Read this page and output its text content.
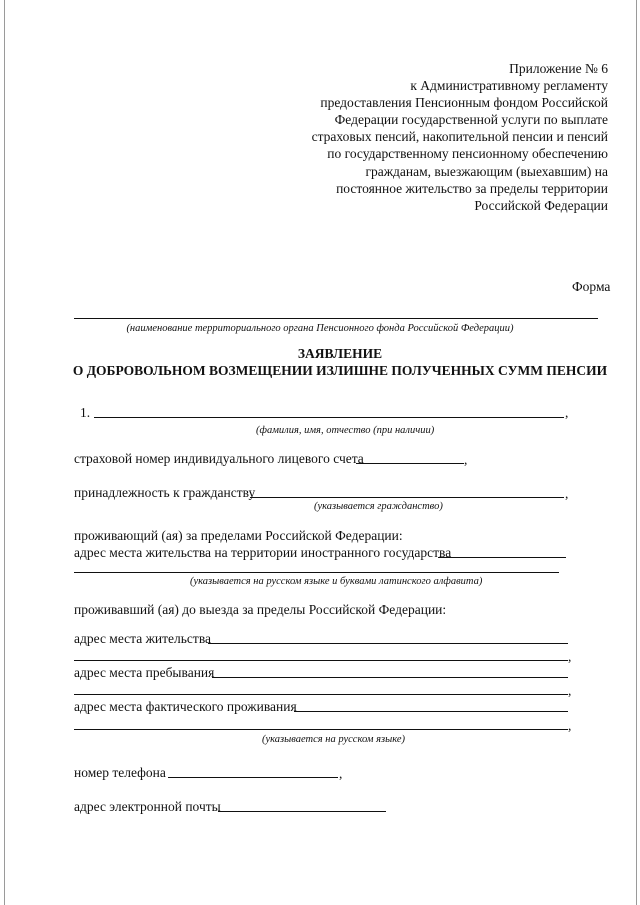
Приложение № 6
к Административному регламенту
предоставления Пенсионным фондом Российской
Федерации государственной услуги по выплате
страховых пенсий, накопительной пенсии и пенсий
по государственному пенсионному обеспечению
гражданам, выезжающим (выехавшим) на
постоянное жительство за пределы территории
Российской Федерации
Форма
(наименование территориального органа Пенсионного фонда Российской Федерации)
ЗАЯВЛЕНИЕ
О ДОБРОВОЛЬНОМ ВОЗМЕЩЕНИИ ИЗЛИШНЕ ПОЛУЧЕННЫХ СУММ ПЕНСИИ
1.	,
(фамилия, имя, отчество (при наличии)
страховой номер индивидуального лицевого счета	,
принадлежность к гражданству	,
(указывается гражданство)
проживающий (ая) за пределами Российской Федерации:
адрес места жительства на территории иностранного государства
(указывается на русском языке и буквами латинского алфавита)
проживавший (ая) до выезда за пределы Российской Федерации:
адрес места жительства
,
адрес места пребывания
,
адрес места фактического проживания
,
(указывается на русском языке)
номер телефона	,
адрес электронной почты
